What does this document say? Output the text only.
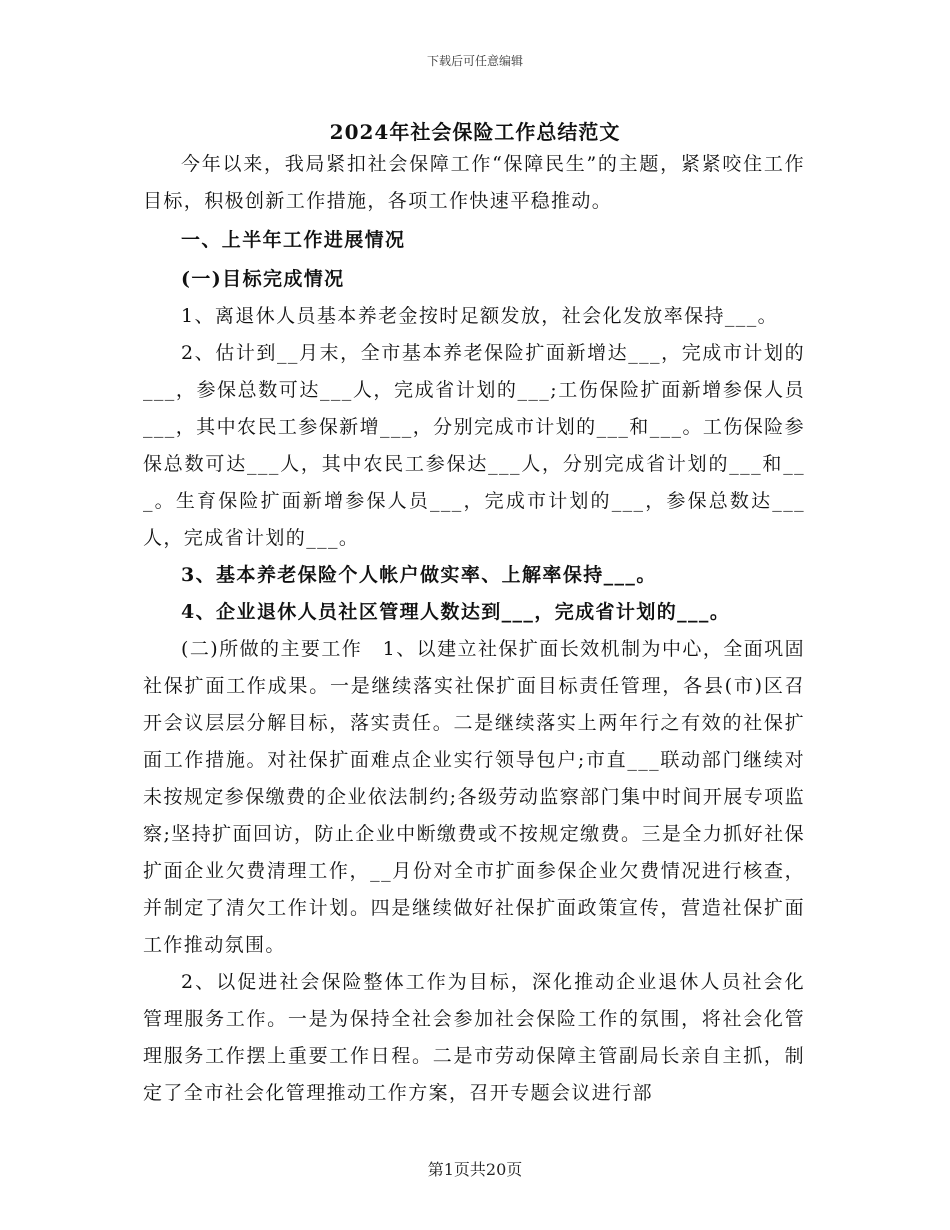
下载后可任意编辑
2024年社会保险工作总结范文

今年以来，我局紧扣社会保障工作“保障民生”的主题，紧紧咬住工作目标，积极创新工作措施，各项工作快速平稳推动。

一、上半年工作进展情况

(一)目标完成情况

1、离退休人员基本养老金按时足额发放，社会化发放率保持___。

2、估计到__月末，全市基本养老保险扩面新增达___，完成市计划的___，参保总数可达___人，完成省计划的___;工伤保险扩面新增参保人员___，其中农民工参保新增___，分别完成市计划的___和___。工伤保险参保总数可达___人，其中农民工参保达___人，分别完成省计划的___和___。生育保险扩面新增参保人员___，完成市计划的___，参保总数达___人，完成省计划的___。

3、基本养老保险个人帐户做实率、上解率保持___。

4、企业退休人员社区管理人数达到___，完成省计划的___。

(二)所做的主要工作　1、以建立社保扩面长效机制为中心，全面巩固社保扩面工作成果。一是继续落实社保扩面目标责任管理，各县(市)区召开会议层层分解目标，落实责任。二是继续落实上两年行之有效的社保扩面工作措施。对社保扩面难点企业实行领导包户;市直___联动部门继续对未按规定参保缴费的企业依法制约;各级劳动监察部门集中时间开展专项监察;坚持扩面回访，防止企业中断缴费或不按规定缴费。三是全力抓好社保扩面企业欠费清理工作，__月份对全市扩面参保企业欠费情况进行核查，并制定了清欠工作计划。四是继续做好社保扩面政策宣传，营造社保扩面工作推动氛围。

2、以促进社会保险整体工作为目标，深化推动企业退休人员社会化管理服务工作。一是为保持全社会参加社会保险工作的氛围，将社会化管理服务工作摆上重要工作日程。二是市劳动保障主管副局长亲自主抓，制定了全市社会化管理推动工作方案，召开专题会议进行部

第1页共20页
